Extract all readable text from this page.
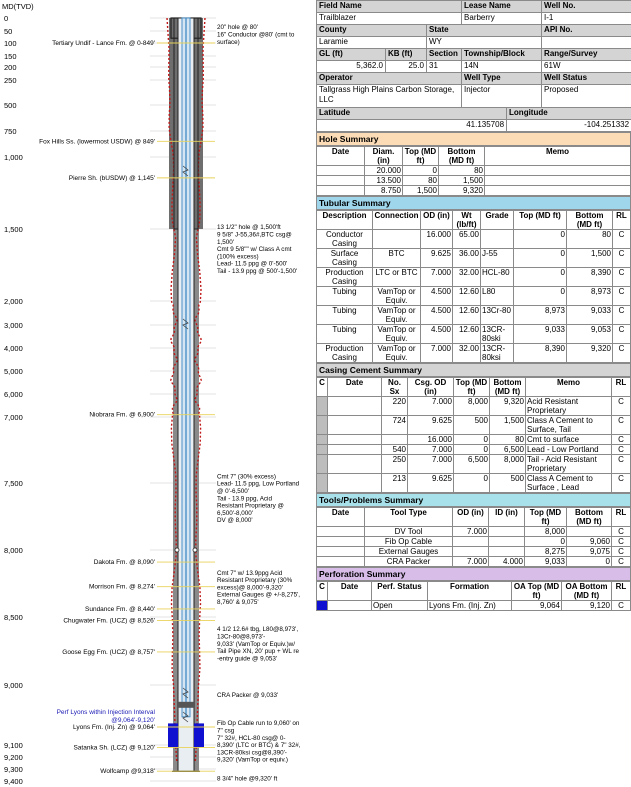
MD(TVD)
0
50
100
150
200
250
500
750
1,000
1,500
2,000
3,000
4,000
5,000
6,000
7,000
7,500
8,000
8,500
9,000
9,100
9,200
9,300
9,400
Tertiary Undif - Lance Fm. @ 0-849'
Fox Hills Ss. (lowermost USDW) @ 849'
Pierre Sh. (bUSDW) @ 1,145'
Niobrara Fm. @ 6,900'
Dakota Fm. @ 8,090'
Morrison Fm. @ 8,274'
Sundance Fm. @ 8,440'
Chugwater Fm. (UCZ) @ 8,526'
Goose Egg Fm. (UCZ) @ 8,757'
Perf Lyons within Injection Interval
@9,064'-9,120'
Lyons Fm. (Inj. Zn) @ 9,064'
Satanka Sh. (LCZ) @ 9,120'
Wolfcamp @9,318'
20" hole @ 80'
16" Conductor @80' (cmt to
surface)
13 1/2" hole @ 1,500'ft
9 5/8" J-55,36#,BTC csg@
1,500'
Cmt 9 5/8"" w/ Class A cmt
(100% excess)
Lead- 11.5 ppg @ 0'-500'
Tail - 13.9 ppg @ 500'-1,500'
Cmt 7" (30% excess)
Lead- 11.5 ppg, Low Portland
@ 0'-6,500'
Tail - 13.9 ppg, Acid
Resistant Proprietary @
6,500'-8,000'
DV @ 8,000'
Cmt 7" w/ 13.9ppg Acid
Resistant Proprietary (30%
excess)@ 8,000'-9,320'
External Gauges @ +/-8,275',
8,760' & 9,075'
4 1/2 12.6# tbg, L80@8,973',
13Cr-80@8,973'-
9,033' (VamTop or Equiv.)w/
Tail Pipe XN, 20' pup + WL re
-entry guide @ 9,053'
CRA Packer @ 9,033'
Fib Op Cable run to 9,060' on
7" csg
7" 32#, HCL-80 csg@ 0-
8,390' (LTC or BTC) & 7" 32#,
13CR-80ksi csg@8,390'-
9,320' (VamTop or equiv.)
8 3/4" hole @9,320' ft
Field Name			Lease Name		Well No.
Trailblazer			Barberry		I-1
County		State			API No.
Laramie		WY			
GL (ft)	KB (ft)	Section	Township/Block		Range/Survey
5,362.0	25.0	31	14N		61W
Operator			Well Type		Well Status
Tallgrass High Plains Carbon Storage, LLC			Injector		Proposed
Latitude				Longitude	
41.135708				-104.251332	
Hole Summary
Date	Diam. (in)	Top (MD ft)	Bottom (MD ft)	Memo
	20.000	0	80	
	13.500	80	1,500	
	8.750	1,500	9,320	
Tubular Summary
Description	Connection	OD (in)	Wt (lb/ft)	Grade	Top (MD ft)	Bottom (MD ft)	RL
Conductor Casing		16.000	65.00		0	80	C
Surface Casing	BTC	9.625	36.00	J-55	0	1,500	C
Production Casing	LTC or BTC	7.000	32.00	HCL-80	0	8,390	C
Tubing	VamTop or Equiv.	4.500	12.60	L80	0	8,973	C
Tubing	VamTop or Equiv.	4.500	12.60	13Cr-80	8,973	9,033	C
Tubing	VamTop or Equiv.	4.500	12.60	13CR-80ski	9,033	9,053	C
Production Casing	VamTop or Equiv.	7.000	32.00	13CR-80ksi	8,390	9,320	C
Casing Cement Summary
C	Date	No. Sx	Csg. OD (in)	Top (MD ft)	Bottom (MD ft)	Memo	RL
		220	7.000	8,000	9,320	Acid Resistant Proprietary	C
		724	9.625	500	1,500	Class A Cement to Surface, Tail	C
			16.000	0	80	Cmt to surface	C
		540	7.000	0	6,500	Lead - Low Portland	C
		250	7.000	6,500	8,000	Tail - Acid Resistant Proprietary	C
		213	9.625	0	500	Class A Cement to Surface , Lead	C
Tools/Problems Summary
Date	Tool Type	OD (in)	ID (in)	Top (MD ft)	Bottom (MD ft)	RL
	DV Tool	7.000		8,000		C
	Fib Op Cable			0	9,060	C
	External Gauges			8,275	9,075	C
	CRA Packer	7.000	4.000	9,033	0	C
Perforation Summary
C	Date	Perf. Status	Formation	OA Top (MD ft)	OA Bottom (MD ft)	RL
		Open	Lyons Fm. (Inj. Zn)	9,064	9,120	C
